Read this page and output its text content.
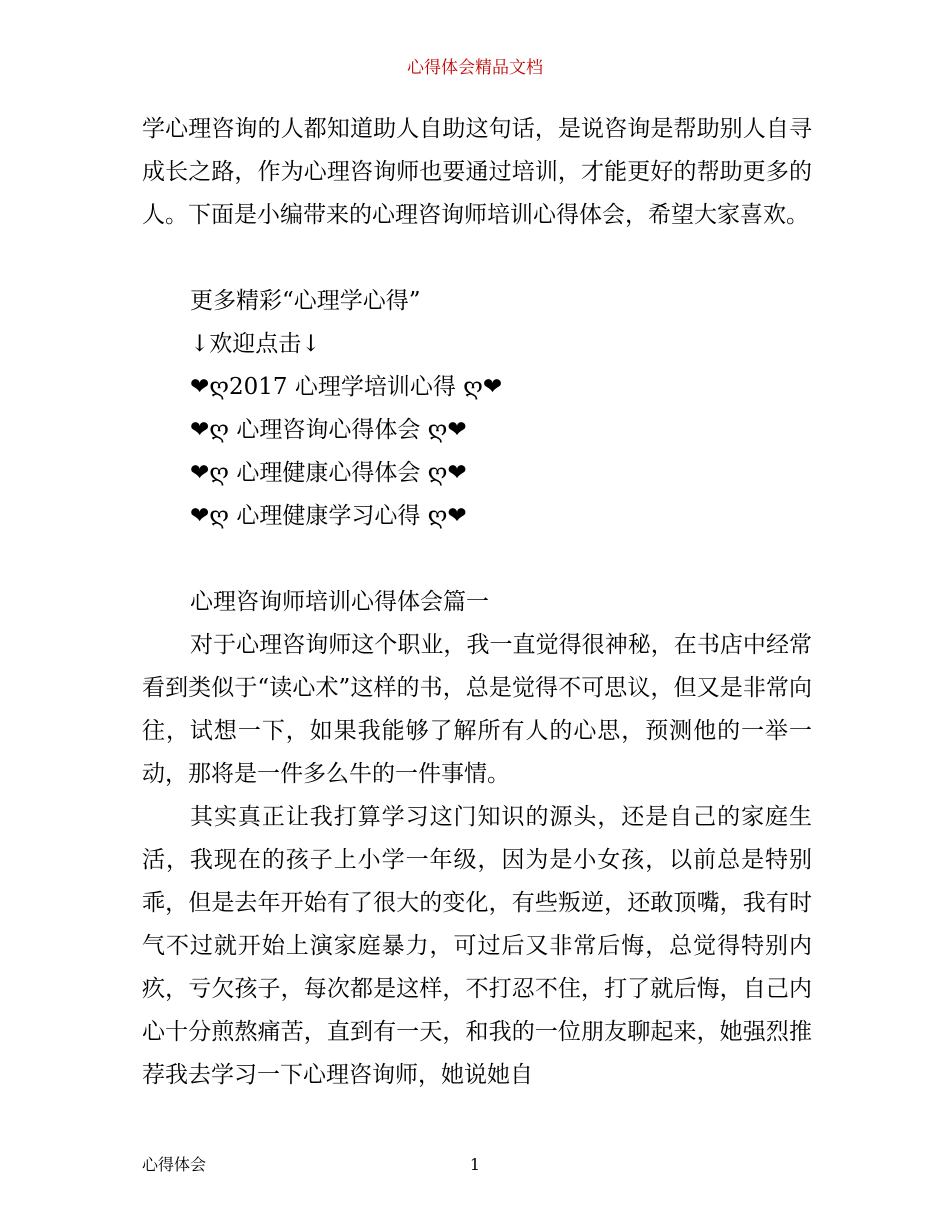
心得体会精品文档

学心理咨询的人都知道助人自助这句话，是说咨询是帮助别人自寻成长之路，作为心理咨询师也要通过培训，才能更好的帮助更多的人。下面是小编带来的心理咨询师培训心得体会，希望大家喜欢。

更多精彩“心理学心得”

↓欢迎点击↓

❤ღ2017 心理学培训心得 ღ❤

❤ღ 心理咨询心得体会 ღ❤

❤ღ 心理健康心得体会 ღ❤

❤ღ 心理健康学习心得 ღ❤

心理咨询师培训心得体会篇一

对于心理咨询师这个职业，我一直觉得很神秘，在书店中经常看到类似于“读心术”这样的书，总是觉得不可思议，但又是非常向往，试想一下，如果我能够了解所有人的心思，预测他的一举一动，那将是一件多么牛的一件事情。

其实真正让我打算学习这门知识的源头，还是自己的家庭生活，我现在的孩子上小学一年级，因为是小女孩，以前总是特别乖，但是去年开始有了很大的变化，有些叛逆，还敢顶嘴，我有时气不过就开始上演家庭暴力，可过后又非常后悔，总觉得特别内疚，亏欠孩子，每次都是这样，不打忍不住，打了就后悔，自己内心十分煎熬痛苦，直到有一天，和我的一位朋友聊起来，她强烈推荐我去学习一下心理咨询师，她说她自

心得体会	1
